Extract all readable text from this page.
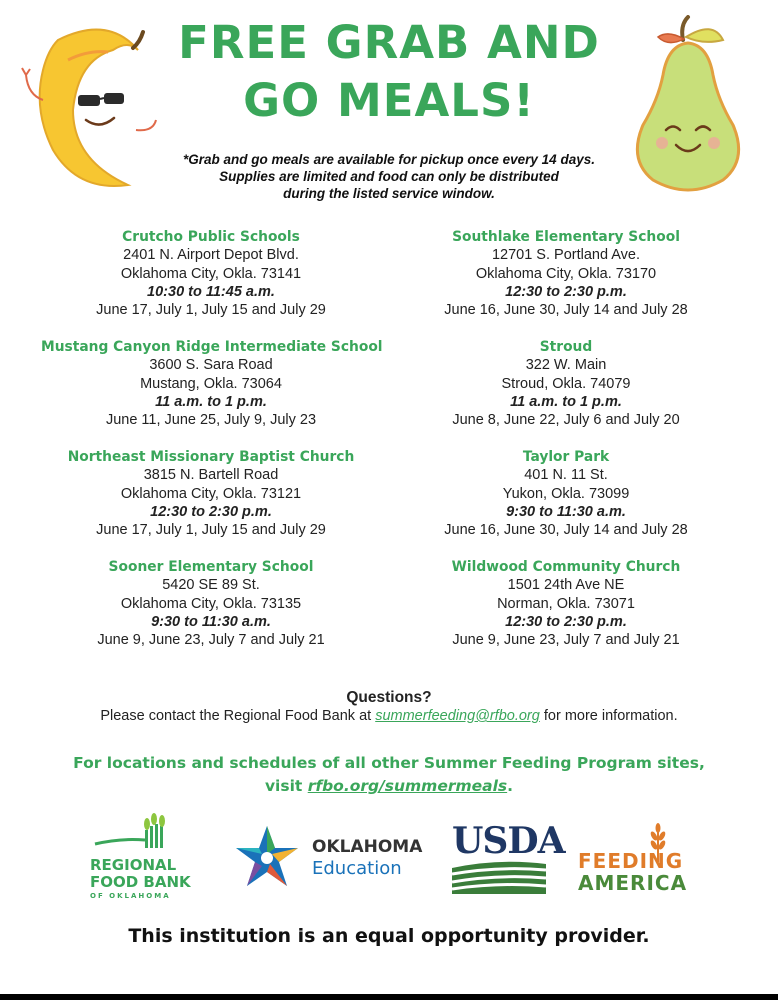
FREE GRAB AND
GO MEALS!
*Grab and go meals are available for pickup once every 14 days.
Supplies are limited and food can only be distributed
during the listed service window.
Crutcho Public Schools
2401 N. Airport Depot Blvd.
Oklahoma City, Okla. 73141
10:30 to 11:45 a.m.
June 17, July 1, July 15 and July 29
Mustang Canyon Ridge Intermediate School
3600 S. Sara Road
Mustang, Okla. 73064
11 a.m. to 1 p.m.
June 11, June 25, July 9, July 23
Northeast Missionary Baptist Church
3815 N. Bartell Road
Oklahoma City, Okla. 73121
12:30 to 2:30 p.m.
June 17, July 1, July 15 and July 29
Sooner Elementary School
5420 SE 89 St.
Oklahoma City, Okla. 73135
9:30 to 11:30 a.m.
June 9, June 23, July 7 and July 21
Southlake Elementary School
12701 S. Portland Ave.
Oklahoma City, Okla. 73170
12:30 to 2:30 p.m.
June 16, June 30, July 14 and July 28
Stroud
322 W. Main
Stroud, Okla. 74079
11 a.m. to 1 p.m.
June 8, June 22, July 6 and July 20
Taylor Park
401 N. 11 St.
Yukon, Okla. 73099
9:30 to 11:30 a.m.
June 16, June 30, July 14 and July 28
Wildwood Community Church
1501 24th Ave NE
Norman, Okla. 73071
12:30 to 2:30 p.m.
June 9, June 23, July 7 and July 21
Questions?
Please contact the Regional Food Bank at summerfeeding@rfbo.org for more information.
For locations and schedules of all other Summer Feeding Program sites,
visit rfbo.org/summermeals.
REGIONAL
FOOD BANK
OF OKLAHOMA
OKLAHOMA
Education
USDA FEEDING
AMERICA
This institution is an equal opportunity provider.
